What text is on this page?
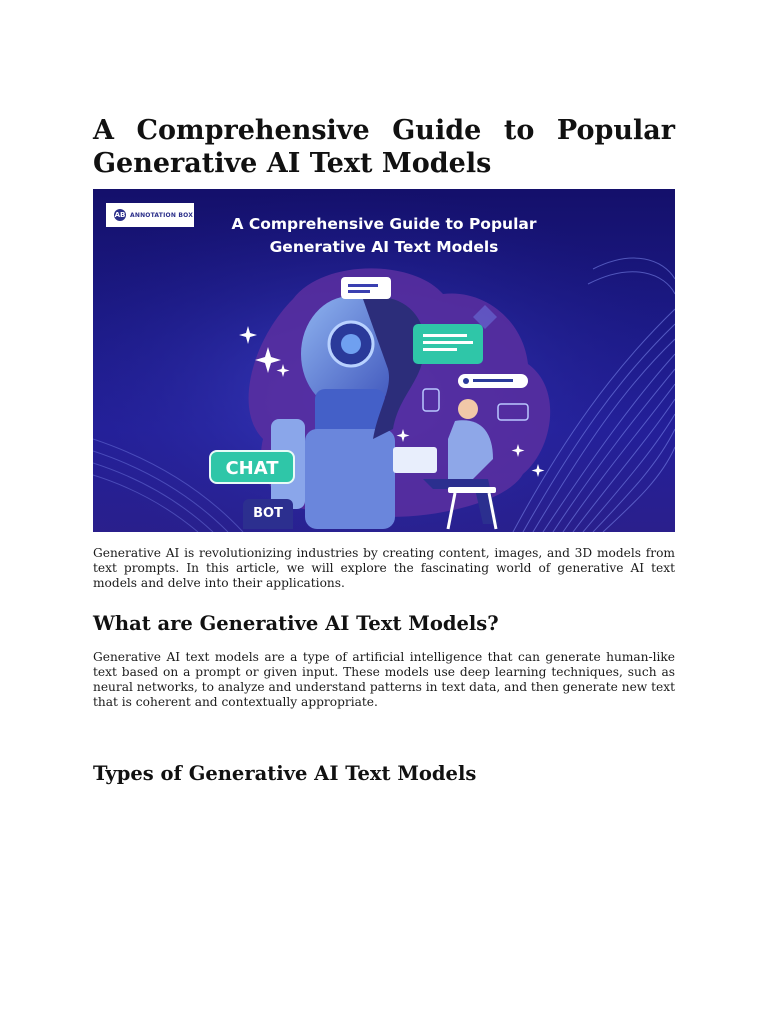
A Comprehensive Guide to Popular Generative AI Text Models
AB ANNOTATION BOX	A Comprehensive Guide to Popular
Generative AI Text Models
CHAT
BOT

Generative AI is revolutionizing industries by creating content, images, and 3D models from text prompts. In this article, we will explore the fascinating world of generative AI text models and delve into their applications.

What are Generative AI Text Models?

Generative AI text models are a type of artificial intelligence that can generate human-like text based on a prompt or given input. These models use deep learning techniques, such as neural networks, to analyze and understand patterns in text data, and then generate new text that is coherent and contextually appropriate.

Types of Generative AI Text Models
